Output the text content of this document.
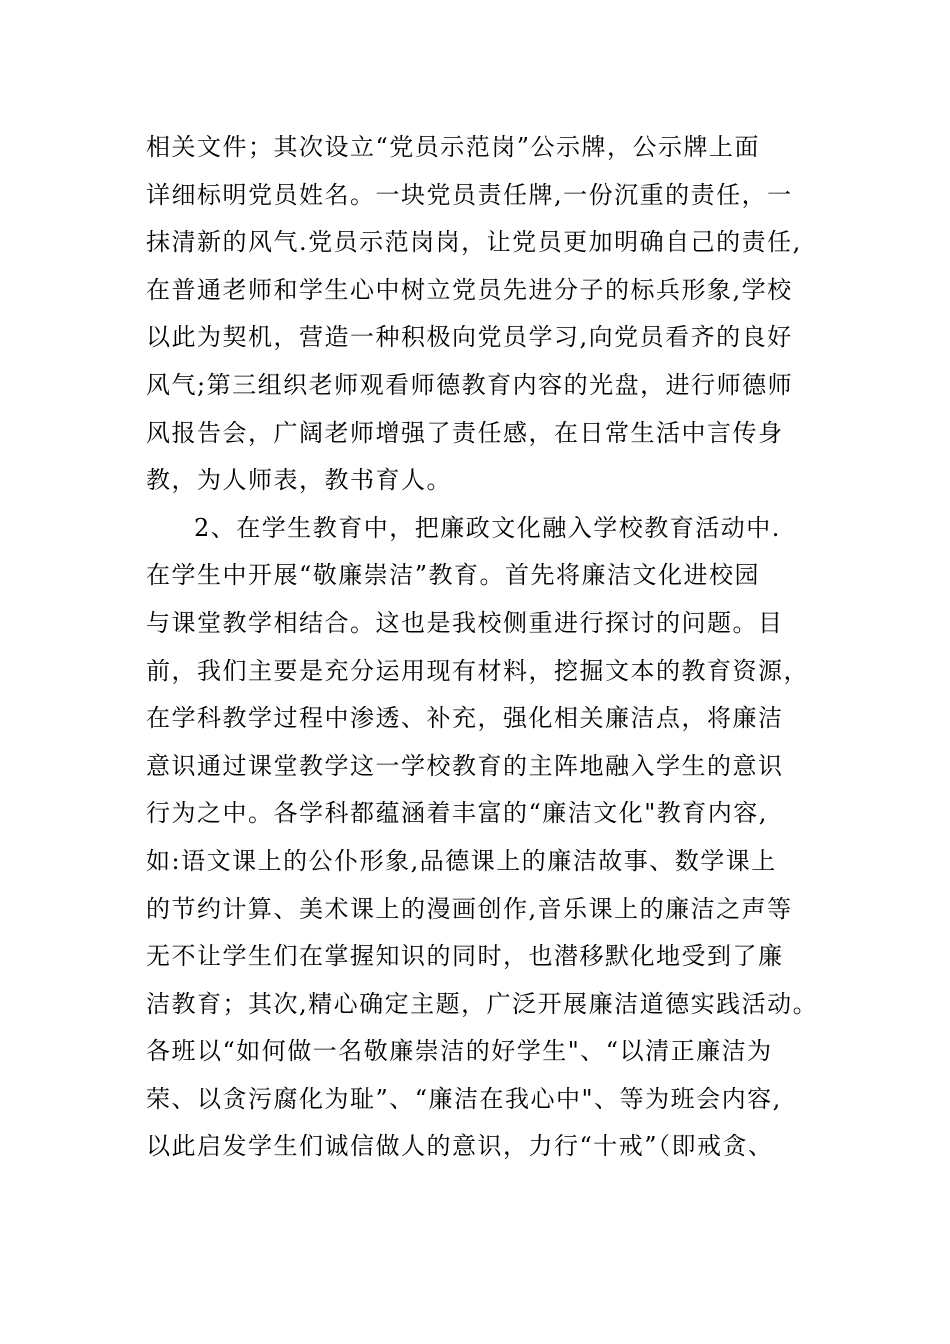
相关文件；其次设立“党员示范岗”公示牌，公示牌上面
详细标明党员姓名。一块党员责任牌,一份沉重的责任，一
抹清新的风气.党员示范岗岗，让党员更加明确自己的责任,
在普通老师和学生心中树立党员先进分子的标兵形象,学校
以此为契机，营造一种积极向党员学习,向党员看齐的良好
风气;第三组织老师观看师德教育内容的光盘，进行师德师
风报告会，广阔老师增强了责任感，在日常生活中言传身
教，为人师表，教书育人。
2、在学生教育中，把廉政文化融入学校教育活动中.
在学生中开展“敬廉崇洁”教育。首先将廉洁文化进校园
与课堂教学相结合。这也是我校侧重进行探讨的问题。目
前，我们主要是充分运用现有材料，挖掘文本的教育资源，
在学科教学过程中渗透、补充，强化相关廉洁点，将廉洁
意识通过课堂教学这一学校教育的主阵地融入学生的意识
行为之中。各学科都蕴涵着丰富的“廉洁文化"教育内容,
如:语文课上的公仆形象,品德课上的廉洁故事、数学课上
的节约计算、美术课上的漫画创作,音乐课上的廉洁之声等
无不让学生们在掌握知识的同时，也潜移默化地受到了廉
洁教育；其次,精心确定主题，广泛开展廉洁道德实践活动。
各班以“如何做一名敬廉崇洁的好学生"、“以清正廉洁为
荣、以贪污腐化为耻”、“廉洁在我心中"、等为班会内容,
以此启发学生们诚信做人的意识，力行“十戒”（即戒贪、
